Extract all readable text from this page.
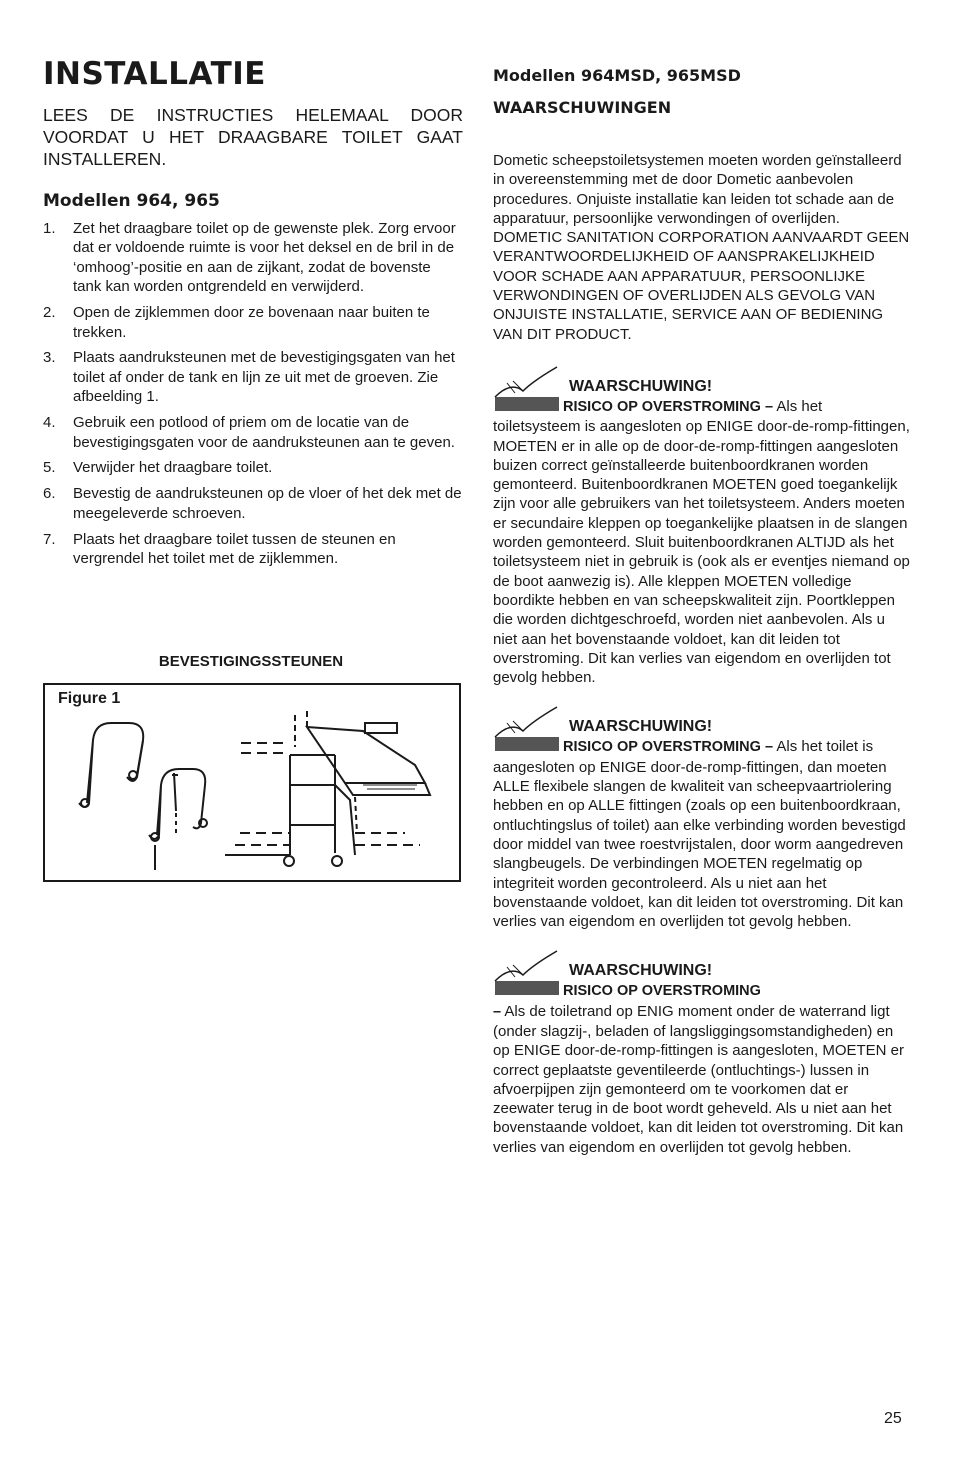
INSTALLATIE

LEES DE INSTRUCTIES HELEMAAL DOOR VOORDAT U HET DRAAGBARE TOILET GAAT INSTALLEREN.

Modellen 964, 965
1.	Zet het draagbare toilet op de gewenste plek. Zorg ervoor dat er voldoende ruimte is voor het deksel en de bril in de ‘omhoog’-positie en aan de zijkant, zodat de bovenste tank kan worden ontgrendeld en verwijderd.
2.	Open de zijklemmen door ze bovenaan naar buiten te trekken.
3.	Plaats aandruksteunen met de bevestigingsgaten van het toilet af onder de tank en lijn ze uit met de groeven. Zie afbeelding 1.
4.	Gebruik een potlood of priem om de locatie van de bevestigingsgaten voor de aandruksteunen aan te geven.
5.	Verwijder het draagbare toilet.
6.	Bevestig de aandruksteunen op de vloer of het dek met de meegeleverde schroeven.
7.	Plaats het draagbare toilet tussen de steunen en vergrendel het toilet met de zijklemmen.
BEVESTIGINGSSTEUNEN
Figure 1
Modellen 964MSD, 965MSD
WAARSCHUWINGEN

Dometic scheepstoiletsystemen moeten worden geïnstalleerd in overeenstemming met de door Dometic aanbevolen procedures. Onjuiste installatie kan leiden tot schade aan de apparatuur, persoonlijke verwondingen of overlijden. DOMETIC SANITATION CORPORATION AANVAARDT GEEN VERANTWOORDELIJKHEID OF AANSPRAKELIJKHEID VOOR SCHADE AAN APPARATUUR, PERSOONLIJKE VERWONDINGEN OF OVERLIJDEN ALS GEVOLG VAN ONJUISTE INSTALLATIE, SERVICE AAN OF BEDIENING VAN DIT PRODUCT.

WAARSCHUWING!
RISICO OP OVERSTROMING – Als het toiletsysteem is aangesloten op ENIGE door-de-romp-fittingen, MOETEN er in alle op de door-de-romp-fittingen aangesloten buizen correct geïnstalleerde buitenboordkranen worden gemonteerd. Buitenboordkranen MOETEN goed toegankelijk zijn voor alle gebruikers van het toiletsysteem. Anders moeten er secundaire kleppen op toegankelijke plaatsen in de slangen worden gemonteerd. Sluit buitenboordkranen ALTIJD als het toiletsysteem niet in gebruik is (ook als er eventjes niemand op de boot aanwezig is). Alle kleppen MOETEN volledige boordikte hebben en van scheepskwaliteit zijn. Poortkleppen die worden dichtgeschroefd, worden niet aanbevolen. Als u niet aan het bovenstaande voldoet, kan dit leiden tot overstroming. Dit kan verlies van eigendom en overlijden tot gevolg hebben.
WAARSCHUWING!
RISICO OP OVERSTROMING – Als het toilet is aangesloten op ENIGE door-de-romp-fittingen, dan moeten ALLE flexibele slangen de kwaliteit van scheepvaartriolering hebben en op ALLE fittingen (zoals op een buitenboordkraan, ontluchtingslus of toilet) aan elke verbinding worden bevestigd door middel van twee roestvrijstalen, door worm aangedreven slangbeugels. De verbindingen MOETEN regelmatig op integriteit worden gecontroleerd. Als u niet aan het bovenstaande voldoet, kan dit leiden tot overstroming. Dit kan verlies van eigendom en overlijden tot gevolg hebben.
WAARSCHUWING!
RISICO OP OVERSTROMING
– Als de toiletrand op ENIG moment onder de waterrand ligt (onder slagzij-, beladen of langsliggingsomstandigheden) en op ENIGE door-de-romp-fittingen is aangesloten, MOETEN er correct geplaatste geventileerde (ontluchtings-) lussen in afvoerpijpen zijn gemonteerd om te voorkomen dat er zeewater terug in de boot wordt geheveld. Als u niet aan het bovenstaande voldoet, kan dit leiden tot overstroming. Dit kan verlies van eigendom en overlijden tot gevolg hebben.
25
